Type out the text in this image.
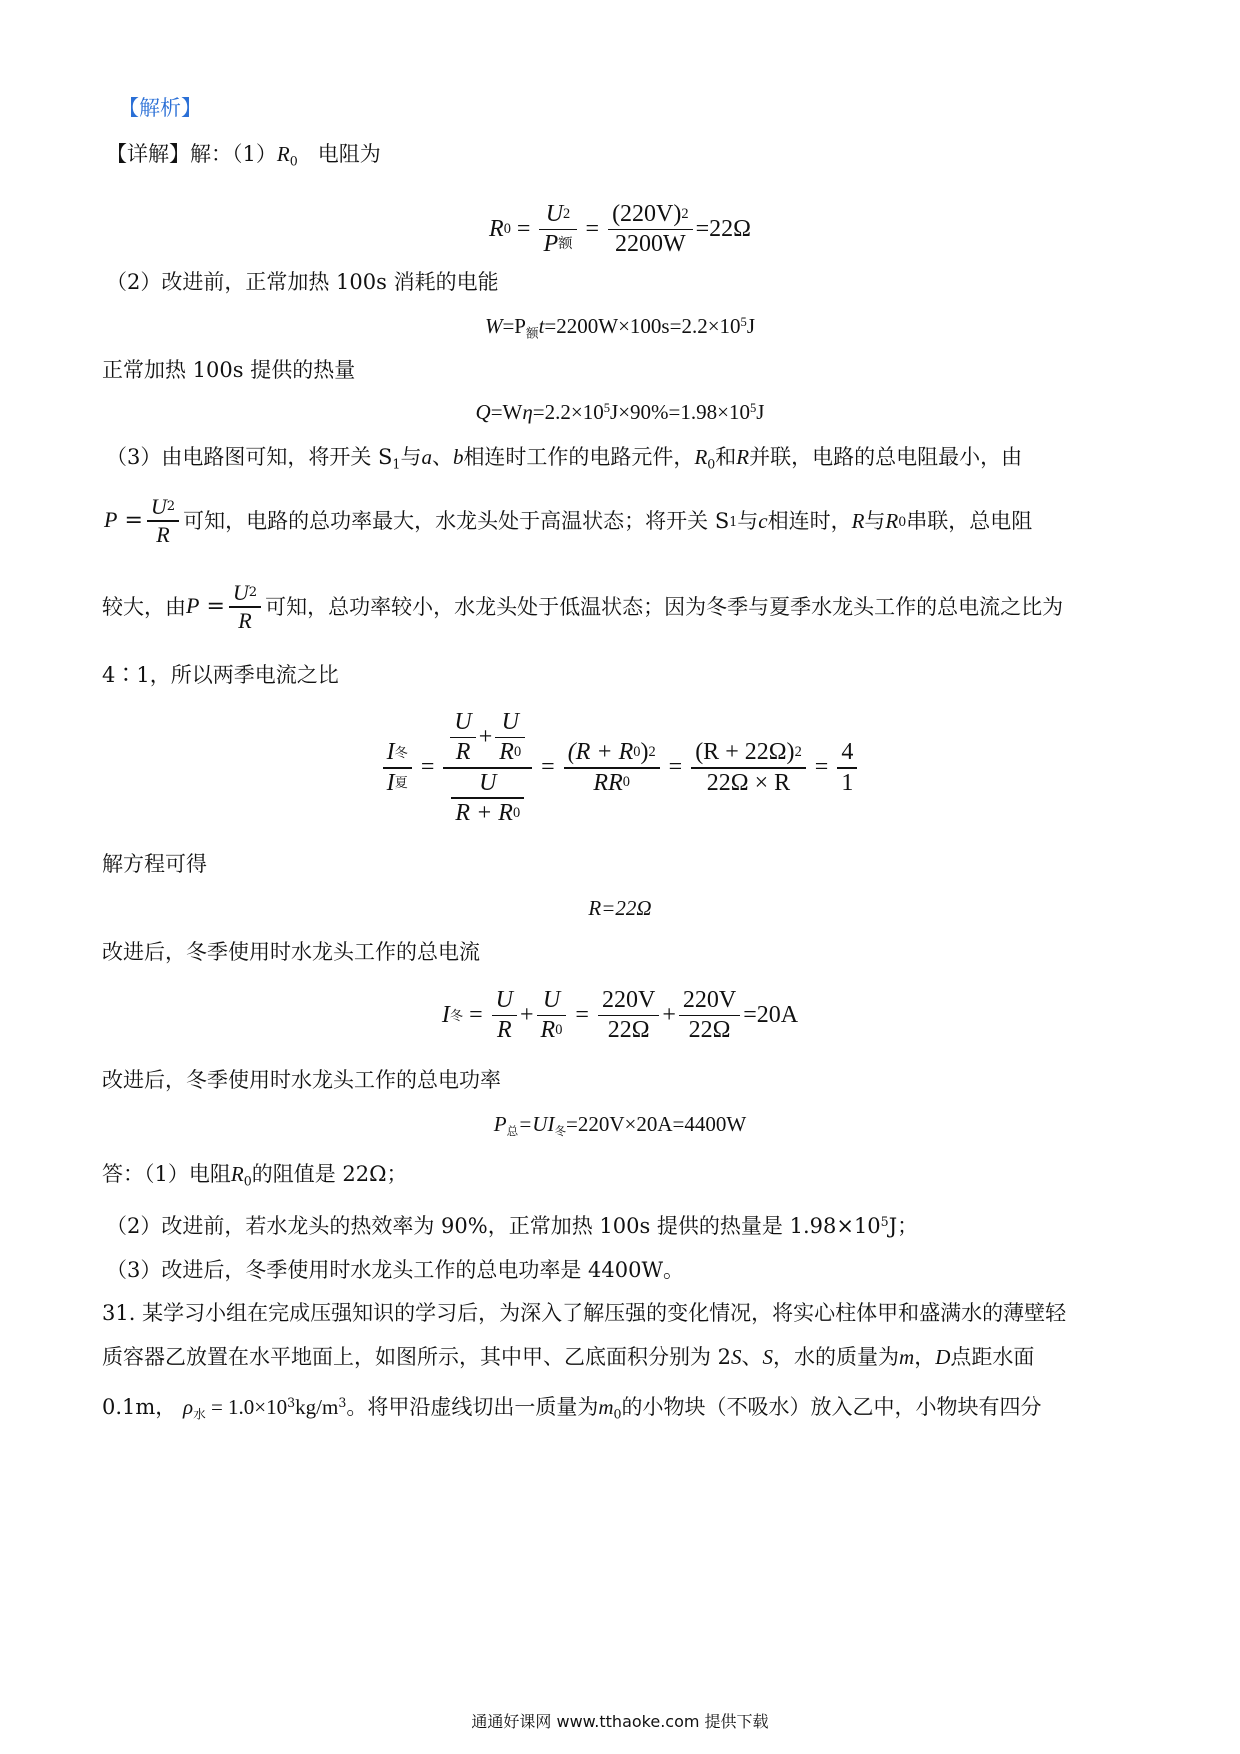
【解析】
【详解】解：$(1)R_0$ 电阻为
R 0 =
U 2
P 额
=
(220V) 2
2200W
=22Ω
（2）改进前，正常加热 100s 消耗的电能
$W=P_额t=2200W\times 100s=2.2\times 10^5J$
正常加热 100s 提供的热量
$Q=W\eta=2.2\times 10^5J\times 90\%=1.98\times 10^5J$
（3）由电路图可知，将开关 $S_1$与a、b相连时工作的电路元件，$R_0$和R并联，电路的总电阻最小，由
P =
U 2
R
可知，电路的总功率最大，水龙头处于高温状态；将开关 S 1 与 c 相连时， R 与 R 0 串联，总电阻
较大，由 P =
U 2
R
可知，总功率较小，水龙头处于低温状态；因为冬季与夏季水龙头工作的总电流之比为
4∶1，所以两季电流之比
I 冬
I 夏
=
U
R
+
U
R 0
U
R + R 0
=
(R + R 0 ) 2
RR 0
=
(R + 22Ω) 2
22Ω × R
=
4
1
解方程可得
R=22Ω
改进后，冬季使用时水龙头工作的总电流
I 冬 =
U
R
+
U
R 0
=
220V
22Ω
+
220V
22Ω
=20A
改进后，冬季使用时水龙头工作的总电功率
$P_总=UI_冬=220V\times 20A=4400W$
答：（1）电阻$R_0$的阻值是 22Ω；
（2）改进前，若水龙头的热效率为 90%，正常加热 100s 提供的热量是 $1.98\times 10^5J$；
（3）改进后，冬季使用时水龙头工作的总电功率是 4400W。
31. 某学习小组在完成压强知识的学习后，为深入了解压强的变化情况，将实心柱体甲和盛满水的薄壁轻
质容器乙放置在水平地面上，如图所示，其中甲、乙底面积分别为 2S、S，水的质量为m，D点距水面
0.1m， $\rho_水 = 1.0\times 10^3kg/m^3$。将甲沿虚线切出一质量为$m_0$的小物块（不吸水）放入乙中，小物块有四分
通通好课网 www.tthaoke.com 提供下载
